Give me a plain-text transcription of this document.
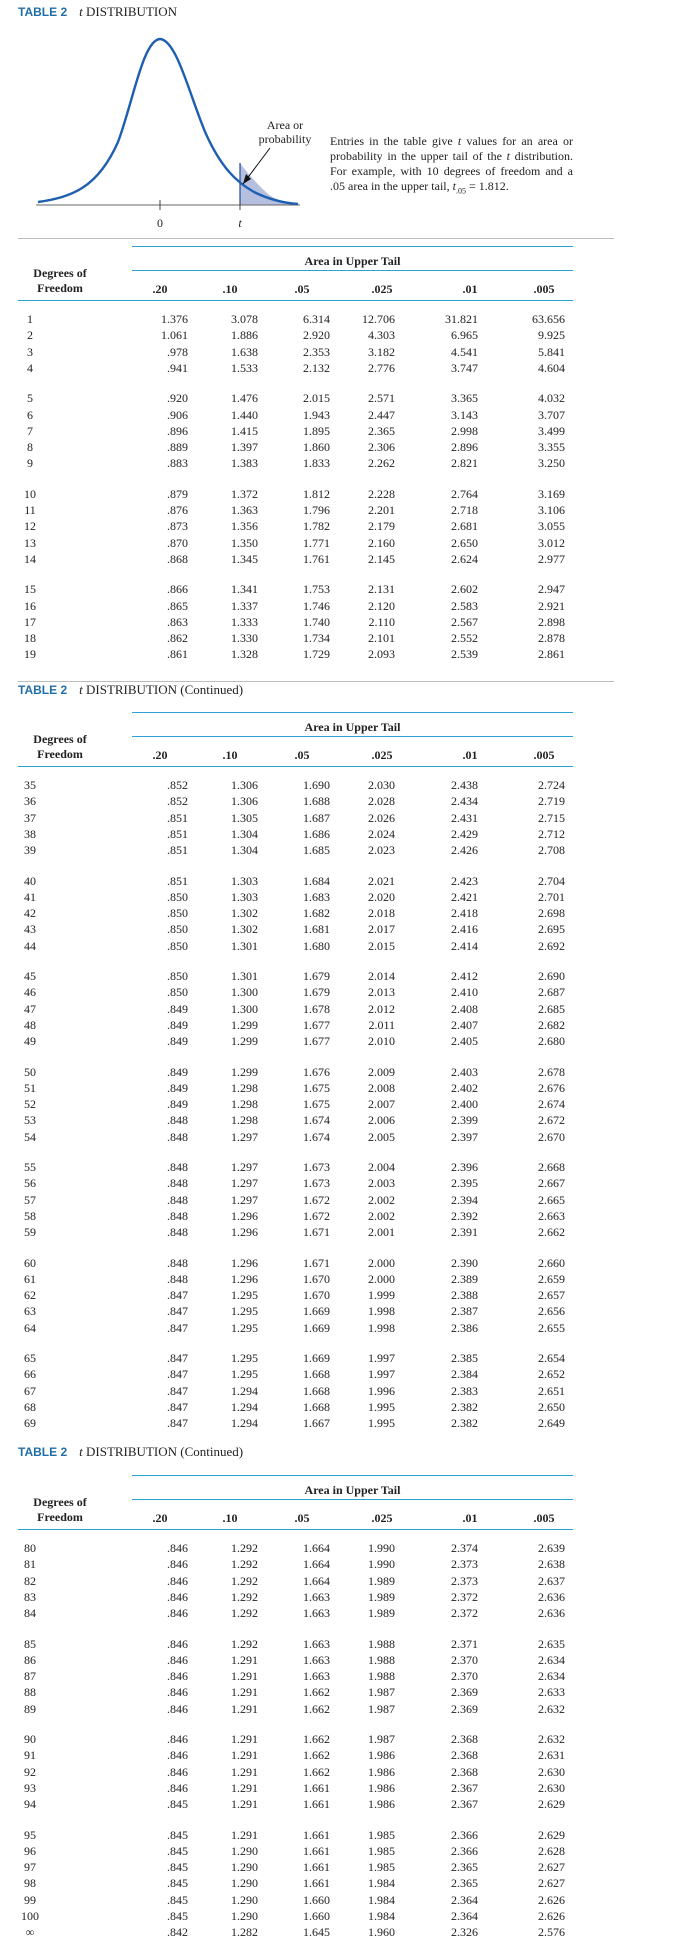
TABLE 2 t DISTRIBUTION
0	t
Area or probability Entries in the table give t values for an area or probability in the upper tail of the t distribution. For example, with 10 degrees of freedom and a .05 area in the upper tail, $t_{.05} = 1.812$.
Area in Upper Tail
Degrees of Freedom	.20	.10	.05	.025	.01	.005
1	1.376	3.078	6.314	12.706	31.821	63.656
2	1.061	1.886	2.920	4.303	6.965	9.925
3	.978	1.638	2.353	3.182	4.541	5.841
4	.941	1.533	2.132	2.776	3.747	4.604
5	.920	1.476	2.015	2.571	3.365	4.032
6	.906	1.440	1.943	2.447	3.143	3.707
7	.896	1.415	1.895	2.365	2.998	3.499
8	.889	1.397	1.860	2.306	2.896	3.355
9	.883	1.383	1.833	2.262	2.821	3.250
10	.879	1.372	1.812	2.228	2.764	3.169
11	.876	1.363	1.796	2.201	2.718	3.106
12	.873	1.356	1.782	2.179	2.681	3.055
13	.870	1.350	1.771	2.160	2.650	3.012
14	.868	1.345	1.761	2.145	2.624	2.977
15	.866	1.341	1.753	2.131	2.602	2.947
16	.865	1.337	1.746	2.120	2.583	2.921
17	.863	1.333	1.740	2.110	2.567	2.898
18	.862	1.330	1.734	2.101	2.552	2.878
19	.861	1.328	1.729	2.093	2.539	2.861
Area in Upper Tail
Degrees of Freedom	.20	.10	.05	.025	.01	.005
35	.852	1.306	1.690	2.030	2.438	2.724
36	.852	1.306	1.688	2.028	2.434	2.719
37	.851	1.305	1.687	2.026	2.431	2.715
38	.851	1.304	1.686	2.024	2.429	2.712
39	.851	1.304	1.685	2.023	2.426	2.708
40	.851	1.303	1.684	2.021	2.423	2.704
41	.850	1.303	1.683	2.020	2.421	2.701
42	.850	1.302	1.682	2.018	2.418	2.698
43	.850	1.302	1.681	2.017	2.416	2.695
44	.850	1.301	1.680	2.015	2.414	2.692
45	.850	1.301	1.679	2.014	2.412	2.690
46	.850	1.300	1.679	2.013	2.410	2.687
47	.849	1.300	1.678	2.012	2.408	2.685
48	.849	1.299	1.677	2.011	2.407	2.682
49	.849	1.299	1.677	2.010	2.405	2.680
50	.849	1.299	1.676	2.009	2.403	2.678
51	.849	1.298	1.675	2.008	2.402	2.676
52	.849	1.298	1.675	2.007	2.400	2.674
53	.848	1.298	1.674	2.006	2.399	2.672
54	.848	1.297	1.674	2.005	2.397	2.670
55	.848	1.297	1.673	2.004	2.396	2.668
56	.848	1.297	1.673	2.003	2.395	2.667
57	.848	1.297	1.672	2.002	2.394	2.665
58	.848	1.296	1.672	2.002	2.392	2.663
59	.848	1.296	1.671	2.001	2.391	2.662
60	.848	1.296	1.671	2.000	2.390	2.660
61	.848	1.296	1.670	2.000	2.389	2.659
62	.847	1.295	1.670	1.999	2.388	2.657
63	.847	1.295	1.669	1.998	2.387	2.656
64	.847	1.295	1.669	1.998	2.386	2.655
65	.847	1.295	1.669	1.997	2.385	2.654
66	.847	1.295	1.668	1.997	2.384	2.652
67	.847	1.294	1.668	1.996	2.383	2.651
68	.847	1.294	1.668	1.995	2.382	2.650
69	.847	1.294	1.667	1.995	2.382	2.649
Area in Upper Tail
Degrees of Freedom	.20	.10	.05	.025	.01	.005
80	.846	1.292	1.664	1.990	2.374	2.639
81	.846	1.292	1.664	1.990	2.373	2.638
82	.846	1.292	1.664	1.989	2.373	2.637
83	.846	1.292	1.663	1.989	2.372	2.636
84	.846	1.292	1.663	1.989	2.372	2.636
85	.846	1.292	1.663	1.988	2.371	2.635
86	.846	1.291	1.663	1.988	2.370	2.634
87	.846	1.291	1.663	1.988	2.370	2.634
88	.846	1.291	1.662	1.987	2.369	2.633
89	.846	1.291	1.662	1.987	2.369	2.632
90	.846	1.291	1.662	1.987	2.368	2.632
91	.846	1.291	1.662	1.986	2.368	2.631
92	.846	1.291	1.662	1.986	2.368	2.630
93	.846	1.291	1.661	1.986	2.367	2.630
94	.845	1.291	1.661	1.986	2.367	2.629
95	.845	1.291	1.661	1.985	2.366	2.629
96	.845	1.290	1.661	1.985	2.366	2.628
97	.845	1.290	1.661	1.985	2.365	2.627
98	.845	1.290	1.661	1.984	2.365	2.627
99	.845	1.290	1.660	1.984	2.364	2.626
100	.845	1.290	1.660	1.984	2.364	2.626
∞	.842	1.282	1.645	1.960	2.326	2.576
TABLE 2 t DISTRIBUTION (Continued)
TABLE 2 t DISTRIBUTION (Continued)
